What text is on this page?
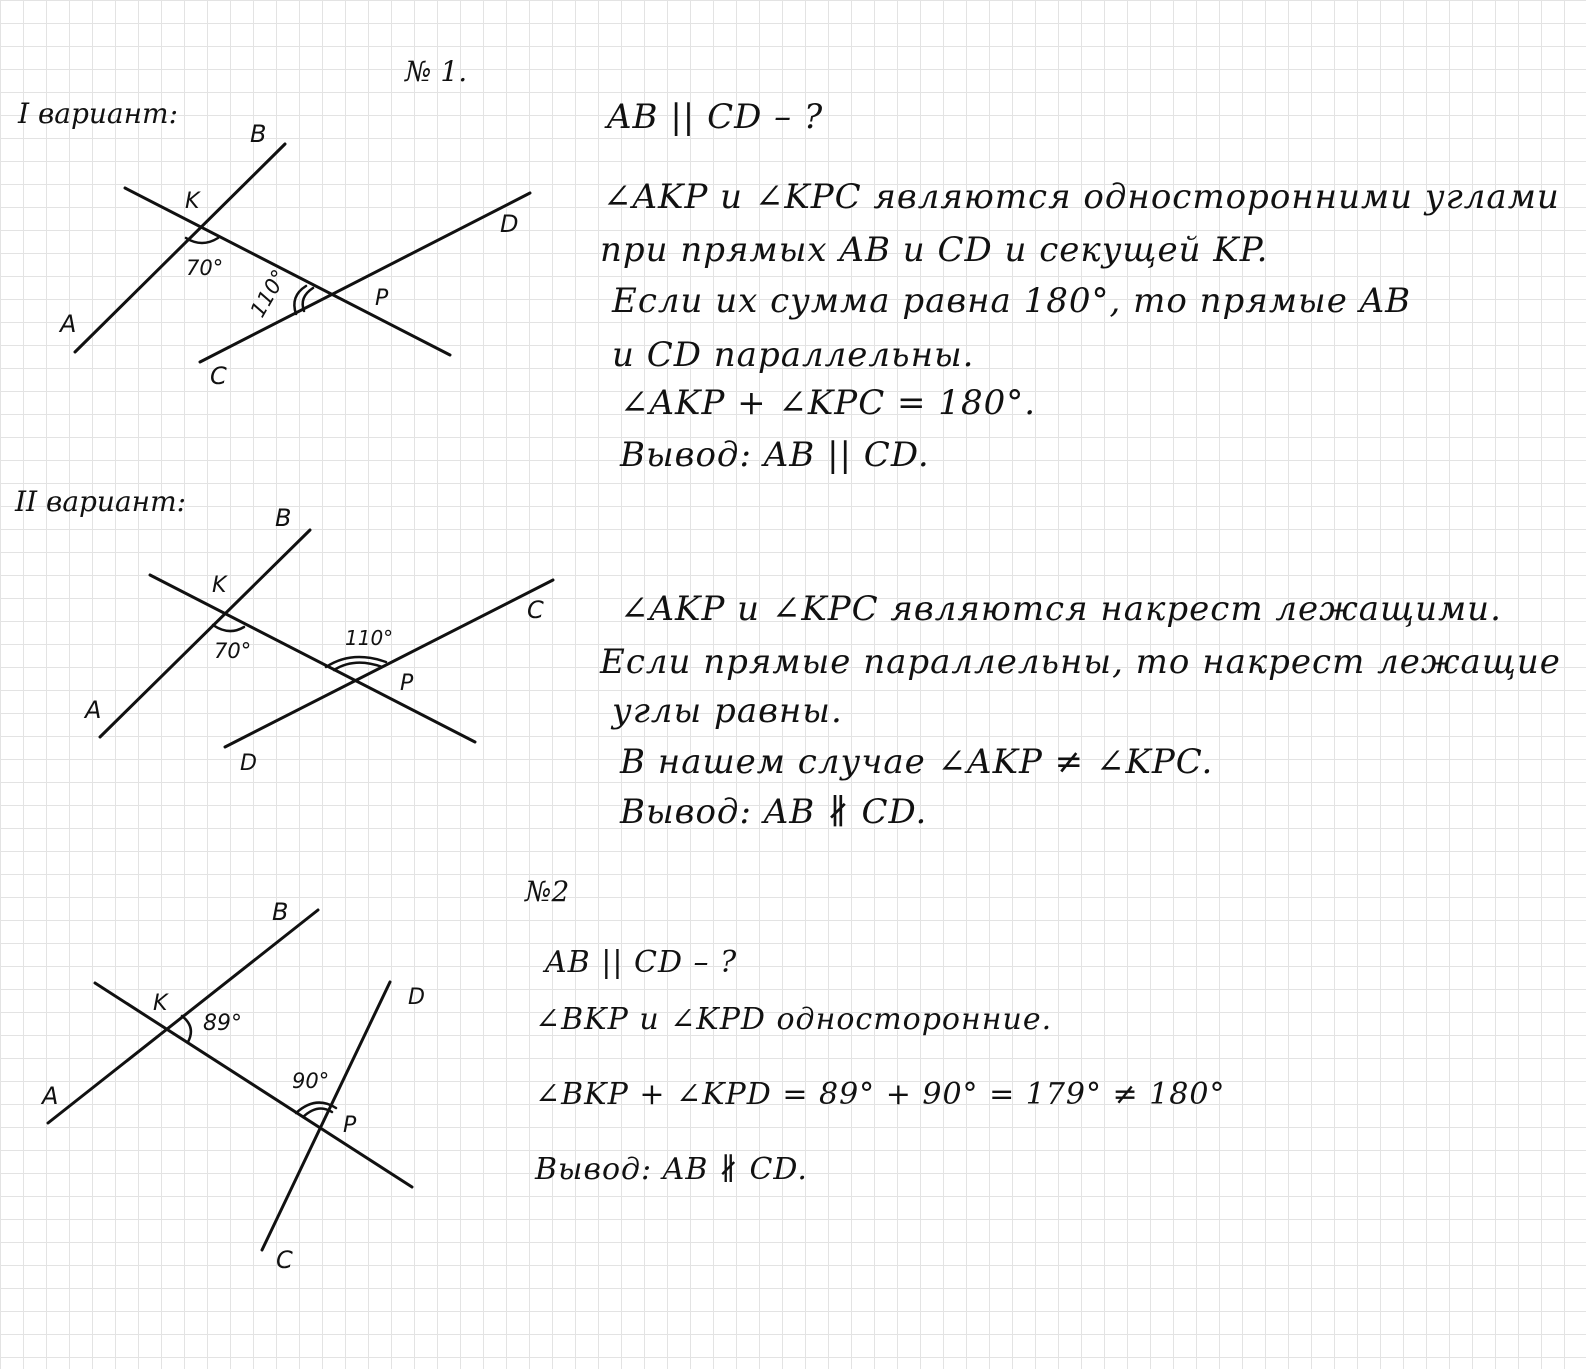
№ 1.
I вариант:
A
B
C
D
K
P
70° 110°
AB || CD – ?
∠AKP и ∠KPC являются односторонними углами
при прямых AB и CD и секущей KP.
Если их сумма равна 180°, то прямые AB
и CD параллельны.
∠AKP + ∠KPC = 180°.
Вывод: AB || CD.
II вариант:
A
B
C
D
K
P
70°
110°
∠AKP и ∠KPC являются накрест лежащими.
Если прямые параллельны, то накрест лежащие
углы равны.
В нашем случае ∠AKP ≠ ∠KPC.
Вывод: AB ∦ CD.
№2
A
B
C
D
K
P
89°
90°
AB || CD – ?
∠BKP и ∠KPD односторонние.
∠BKP + ∠KPD = 89° + 90° = 179° ≠ 180°
Вывод: AB ∦ CD.
